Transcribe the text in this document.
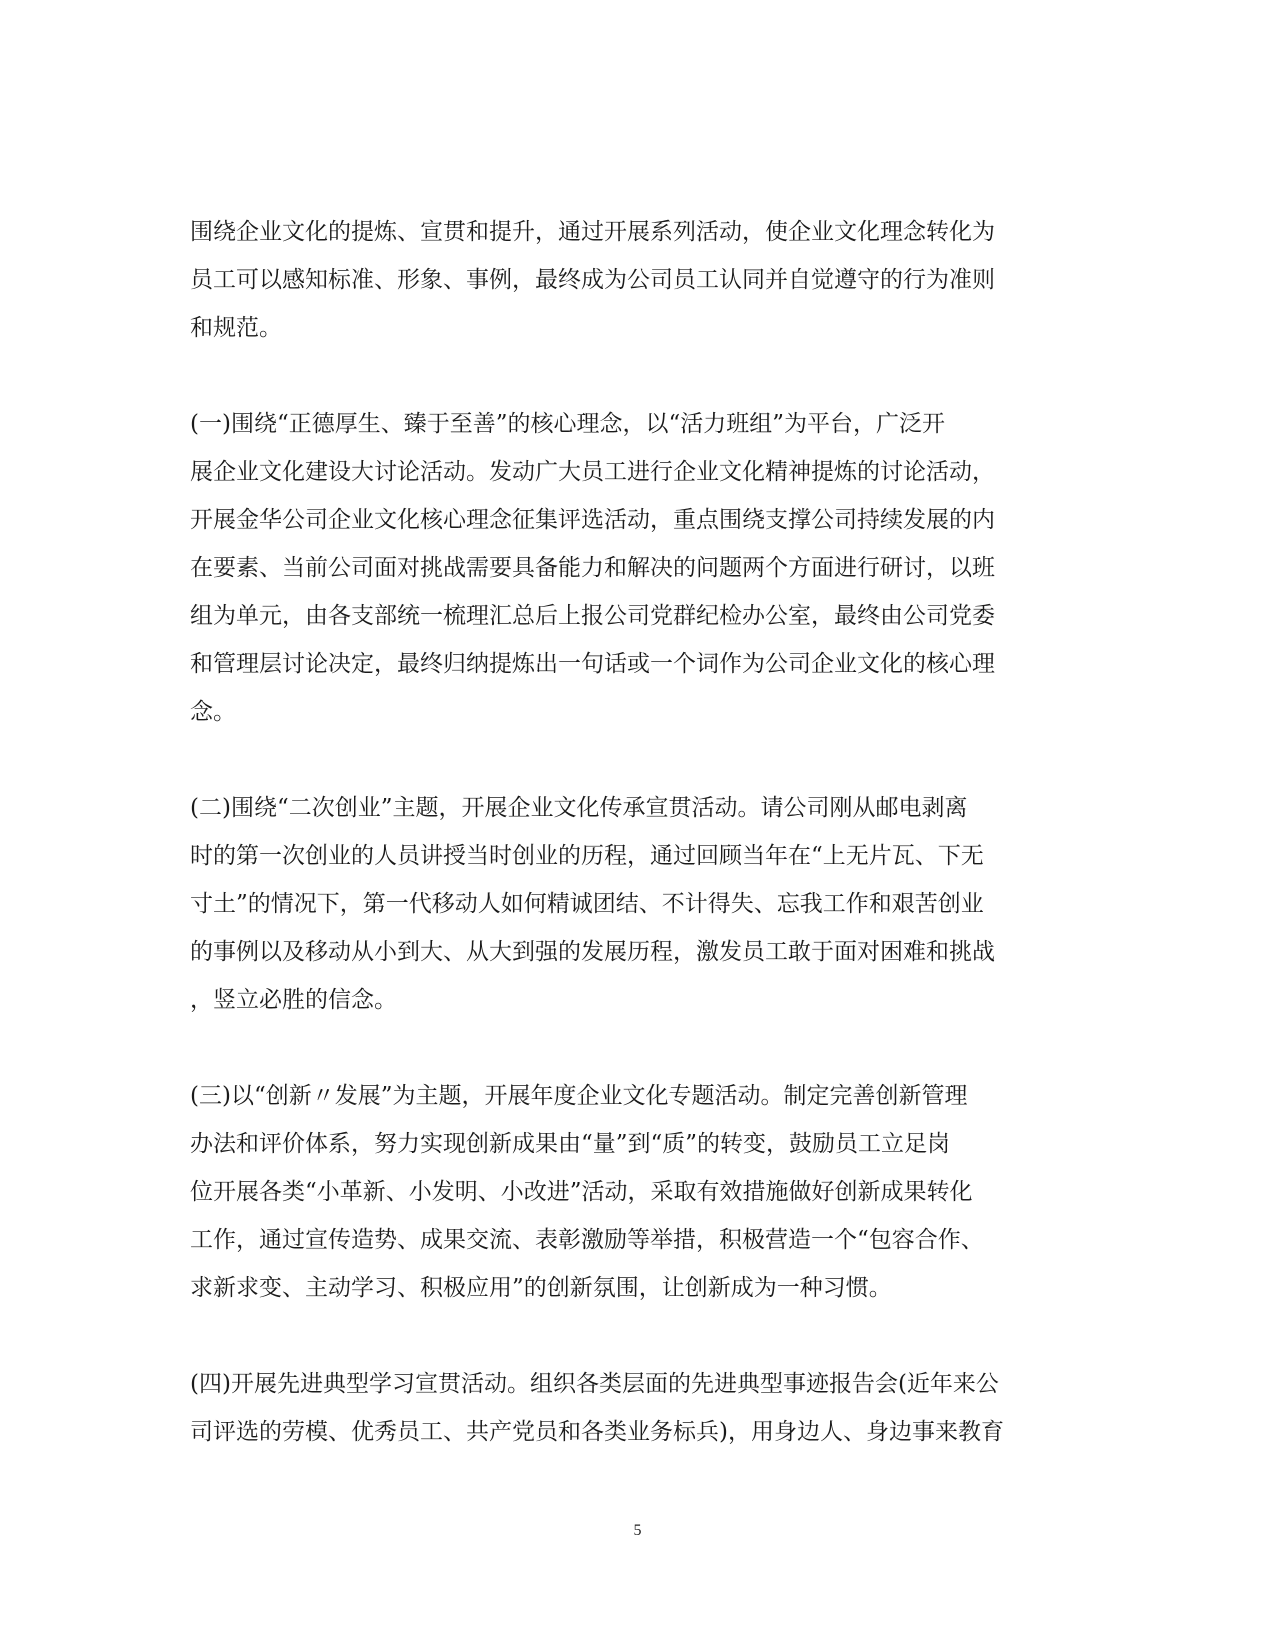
围绕企业文化的提炼、宣贯和提升，通过开展系列活动，使企业文化理念转化为
员工可以感知标准、形象、事例，最终成为公司员工认同并自觉遵守的行为准则
和规范。
(一)围绕“正德厚生、臻于至善”的核心理念，以“活力班组”为平台，广泛开
展企业文化建设大讨论活动。发动广大员工进行企业文化精神提炼的讨论活动，
开展金华公司企业文化核心理念征集评选活动，重点围绕支撑公司持续发展的内
在要素、当前公司面对挑战需要具备能力和解决的问题两个方面进行研讨，以班
组为单元，由各支部统一梳理汇总后上报公司党群纪检办公室，最终由公司党委
和管理层讨论决定，最终归纳提炼出一句话或一个词作为公司企业文化的核心理
念。
(二)围绕“二次创业”主题，开展企业文化传承宣贯活动。请公司刚从邮电剥离
时的第一次创业的人员讲授当时创业的历程，通过回顾当年在“上无片瓦、下无
寸土”的情况下，第一代移动人如何精诚团结、不计得失、忘我工作和艰苦创业
的事例以及移动从小到大、从大到强的发展历程，激发员工敢于面对困难和挑战
，竖立必胜的信念。
(三)以“创新〃发展”为主题，开展年度企业文化专题活动。制定完善创新管理
办法和评价体系，努力实现创新成果由“量”到“质”的转变，鼓励员工立足岗
位开展各类“小革新、小发明、小改进”活动，采取有效措施做好创新成果转化
工作，通过宣传造势、成果交流、表彰激励等举措，积极营造一个“包容合作、
求新求变、主动学习、积极应用”的创新氛围，让创新成为一种习惯。
(四)开展先进典型学习宣贯活动。组织各类层面的先进典型事迹报告会(近年来公
司评选的劳模、优秀员工、共产党员和各类业务标兵)，用身边人、身边事来教育
5
